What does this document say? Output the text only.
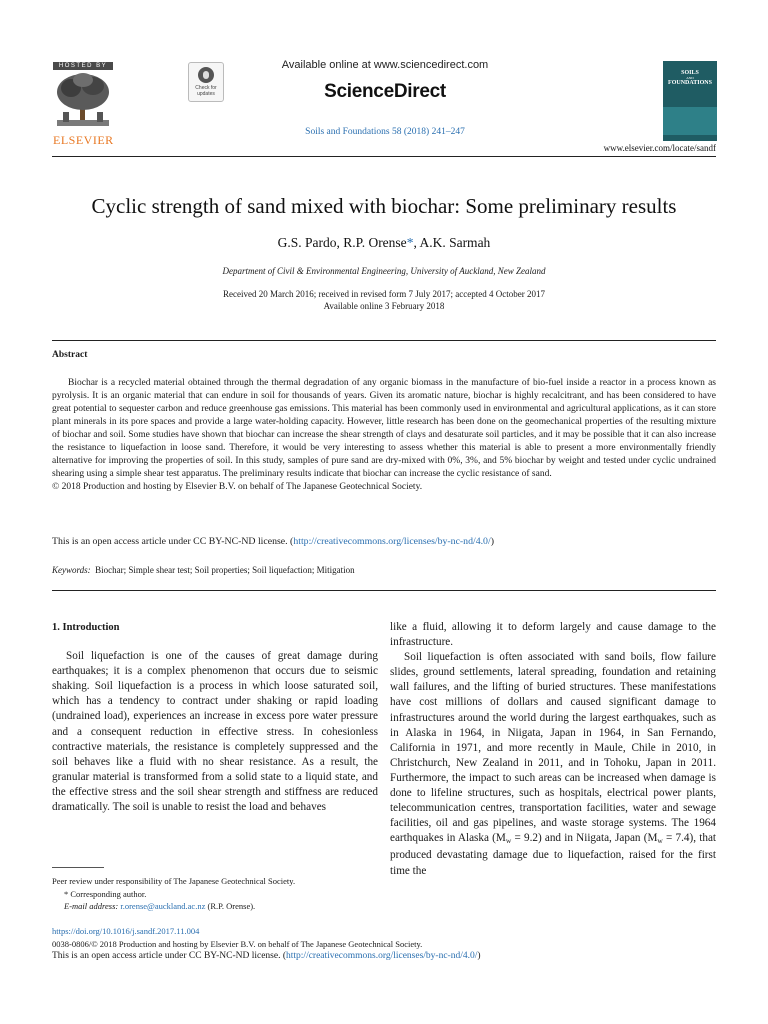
HOSTED BY
ELSEVIER
Check for updates
Available online at www.sciencedirect.com
ScienceDirect
Soils and Foundations 58 (2018) 241–247
SOILS
AND
FOUNDATIONS
www.elsevier.com/locate/sandf
Cyclic strength of sand mixed with biochar: Some preliminary results
G.S. Pardo, R.P. Orense*, A.K. Sarmah
Department of Civil & Environmental Engineering, University of Auckland, New Zealand
Received 20 March 2016; received in revised form 7 July 2017; accepted 4 October 2017
Available online 3 February 2018
Abstract

Biochar is a recycled material obtained through the thermal degradation of any organic biomass in the manufacture of bio-fuel inside a reactor in a process known as pyrolysis. It is an organic material that can endure in soil for thousands of years. Given its aromatic nature, biochar is highly recalcitrant, and has been considered to have great potential to sequester carbon and reduce greenhouse gas emissions. This material has been commonly used in environmental and agricultural applications, as it can store plant minerals in its pore spaces and provide a large water-holding capacity. However, little research has been done on the geomechanical properties of the resulting mixture of biochar and soil. Some studies have shown that biochar can increase the shear strength of clays and desaturate soil particles, and it may be possible that it can also increase the resistance to liquefaction in loose sand. Therefore, it would be very interesting to assess whether this material is able to present a more environmentally friendly alternative for improving the properties of soil. In this study, samples of pure sand are dry-mixed with 0%, 3%, and 5% biochar by weight and tested under cyclic undrained shearing using a simple shear test apparatus. The preliminary results indicate that biochar can increase the cyclic resistance of sand.

© 2018 Production and hosting by Elsevier B.V. on behalf of The Japanese Geotechnical Society.

This is an open access article under CC BY-NC-ND license. (http://creativecommons.org/licenses/by-nc-nd/4.0/)
Keywords: Biochar; Simple shear test; Soil properties; Soil liquefaction; Mitigation
1. Introduction

Soil liquefaction is one of the causes of great damage during earthquakes; it is a complex phenomenon that occurs due to seismic shaking. Soil liquefaction is a process in which loose saturated soil, which has a tendency to contract under shaking or rapid loading (undrained load), experiences an increase in excess pore water pressure and a consequent reduction in effective stress. In cohesionless contractive materials, the resistance is completely suppressed and the soil behaves like a fluid with no shear resistance. As a result, the granular material is transformed from a solid state to a liquid state, and the effective stress and the soil shear strength and stiffness are reduced dramatically. The soil is unable to resist the load and behaves

like a fluid, allowing it to deform largely and cause damage to the infrastructure.

Soil liquefaction is often associated with sand boils, flow failure slides, ground settlements, lateral spreading, foundation and retaining wall failures, and the lifting of buried structures. These manifestations have cost millions of dollars and caused significant damage to infrastructures around the world during the largest earthquakes, such as in Alaska in 1964, in Niigata, Japan in 1964, in San Fernando, California in 1971, and more recently in Maule, Chile in 2010, in Christchurch, New Zealand in 2011, and in Tohoku, Japan in 2011. Furthermore, the impact to such areas can be increased when damage is done to lifeline structures, such as hospitals, electrical power plants, telecommunication centres, transportation facilities, water and sewage facilities, oil and gas pipelines, and waste storage systems. The 1964 earthquakes in Alaska $(M_w = 9.2)$ and in Niigata, Japan $(M_w = 7.4)$, that produced devastating damage due to liquefaction, raised for the first time the

Peer review under responsibility of The Japanese Geotechnical Society.
* Corresponding author.
E-mail address: r.orense@auckland.ac.nz (R.P. Orense).
https://doi.org/10.1016/j.sandf.2017.11.004
0038-0806/© 2018 Production and hosting by Elsevier B.V. on behalf of The Japanese Geotechnical Society.
This is an open access article under CC BY-NC-ND license. (http://creativecommons.org/licenses/by-nc-nd/4.0/)
